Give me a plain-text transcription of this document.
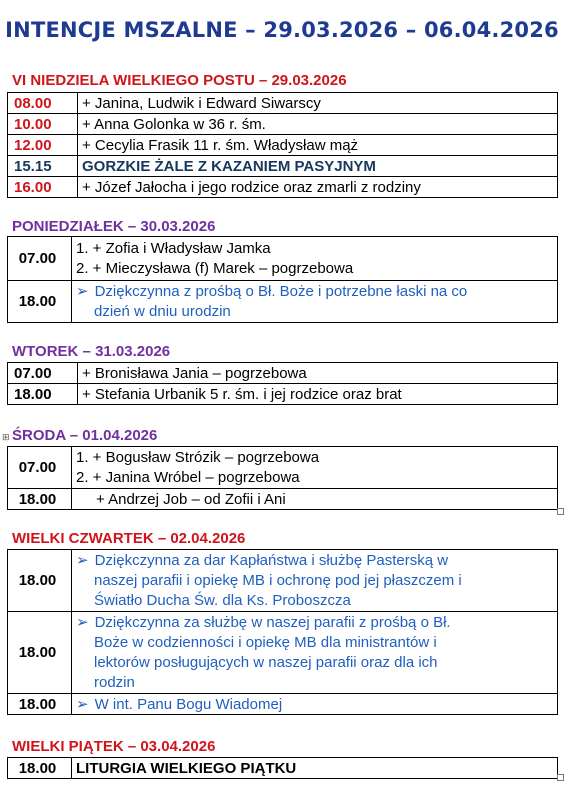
INTENCJE MSZALNE – 29.03.2026 – 06.04.2026
VI NIEDZIELA WIELKIEGO POSTU – 29.03.2026
08.00	+ Janina, Ludwik i Edward Siwarscy
10.00	+ Anna Golonka w 36 r. śm.
12.00	+ Cecylia Frasik 11 r. śm. Władysław mąż
15.15	GORZKIE ŻALE Z KAZANIEM PASYJNYM
16.00	+ Józef Jałocha i jego rodzice oraz zmarli z rodziny
PONIEDZIAŁEK – 30.03.2026
07.00	1. + Zofia i Władysław Jamka
2. + Mieczysława (f) Marek – pogrzebowa

18.00	➢ Dziękczynna z prośbą o Bł. Boże i potrzebne łaski na co
dzień w dniu urodzin
WTOREK – 31.03.2026
07.00	+ Bronisława Jania – pogrzebowa
18.00	+ Stefania Urbanik 5 r. śm. i jej rodzice oraz brat
⊞ ŚRODA – 01.04.2026
07.00	1. + Bogusław Strózik – pogrzebowa
2. + Janina Wróbel – pogrzebowa

18.00	+ Andrzej Job – od Zofii i Ani
WIELKI CZWARTEK – 02.04.2026
18.00	➢ Dziękczynna za dar Kapłaństwa i służbę Pasterską w
naszej parafii i opiekę MB i ochronę pod jej płaszczem i
Światło Ducha Św. dla Ks. Proboszcza

18.00	➢ Dziękczynna za służbę w naszej parafii z prośbą o Bł.
Boże w codzienności i opiekę MB dla ministrantów i
lektorów posługujących w naszej parafii oraz dla ich
rodzin

18.00	➢ W int. Panu Bogu Wiadomej
WIELKI PIĄTEK – 03.04.2026
18.00	LITURGIA WIELKIEGO PIĄTKU
